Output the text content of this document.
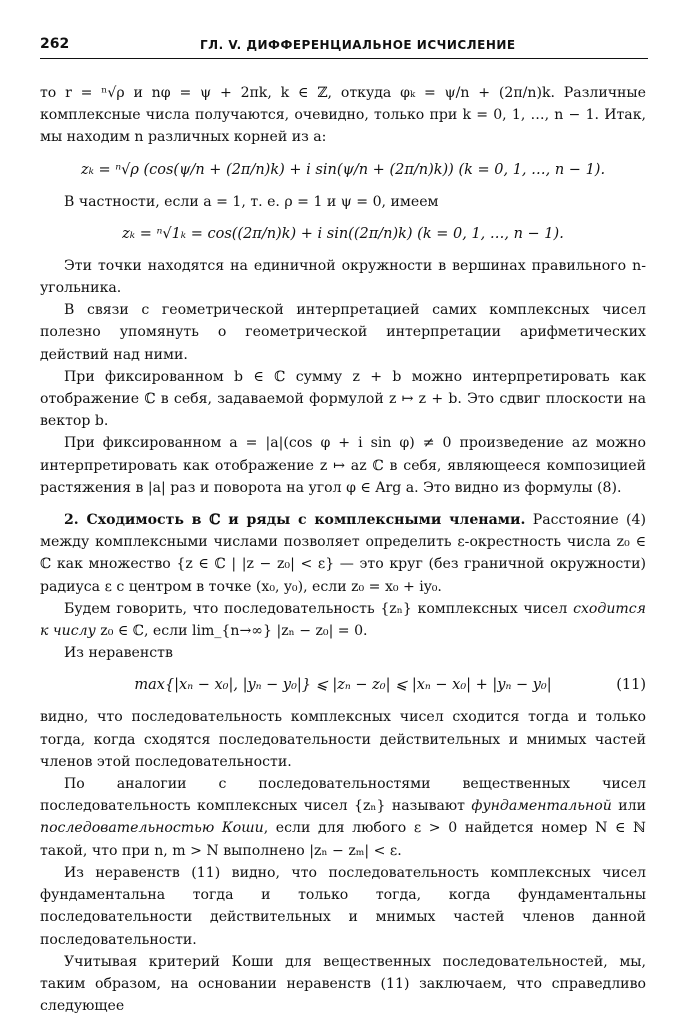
262	ГЛ. V. ДИФФЕРЕНЦИАЛЬНОЕ ИСЧИСЛЕНИЕ

то r = ⁿ√ρ и nφ = ψ + 2πk, k ∈ ℤ, откуда φₖ = ψ/n + (2π/n)k. Различные комплексные числа получаются, очевидно, только при k = 0, 1, …, n − 1. Итак, мы находим n различных корней из a:

zₖ = ⁿ√ρ (cos(ψ/n + (2π/n)k) + i sin(ψ/n + (2π/n)k)) (k = 0, 1, …, n − 1).

В частности, если a = 1, т. е. ρ = 1 и ψ = 0, имеем

zₖ = ⁿ√1ₖ = cos((2π/n)k) + i sin((2π/n)k) (k = 0, 1, …, n − 1).

Эти точки находятся на единичной окружности в вершинах правильного n-угольника.

В связи с геометрической интерпретацией самих комплексных чисел полезно упомянуть о геометрической интерпретации арифметических действий над ними.

При фиксированном b ∈ ℂ сумму z + b можно интерпретировать как отображение ℂ в себя, задаваемой формулой z ↦ z + b. Это сдвиг плоскости на вектор b.

При фиксированном a = |a|(cos φ + i sin φ) ≠ 0 произведение az можно интерпретировать как отображение z ↦ az ℂ в себя, являющееся композицией растяжения в |a| раз и поворота на угол φ ∈ Arg a. Это видно из формулы (8).

2. Сходимость в ℂ и ряды с комплексными членами. Расстояние (4) между комплексными числами позволяет определить ε-окрестность числа z₀ ∈ ℂ как множество {z ∈ ℂ | |z − z₀| < ε} — это круг (без граничной окружности) радиуса ε с центром в точке (x₀, y₀), если z₀ = x₀ + iy₀.

Будем говорить, что последовательность {zₙ} комплексных чисел сходится к числу z₀ ∈ ℂ, если lim_{n→∞} |zₙ − z₀| = 0.

Из неравенств

max{|xₙ − x₀|, |yₙ − y₀|} ⩽ |zₙ − z₀| ⩽ |xₙ − x₀| + |yₙ − y₀|	(11)

видно, что последовательность комплексных чисел сходится тогда и только тогда, когда сходятся последовательности действительных и мнимых частей членов этой последовательности.

По аналогии с последовательностями вещественных чисел последовательность комплексных чисел {zₙ} называют фундаментальной или последовательностью Коши, если для любого ε > 0 найдется номер N ∈ ℕ такой, что при n, m > N выполнено |zₙ − zₘ| < ε.

Из неравенств (11) видно, что последовательность комплексных чисел фундаментальна тогда и только тогда, когда фундаментальны последовательности действительных и мнимых частей членов данной последовательности.

Учитывая критерий Коши для вещественных последовательностей, мы, таким образом, на основании неравенств (11) заключаем, что справедливо следующее
